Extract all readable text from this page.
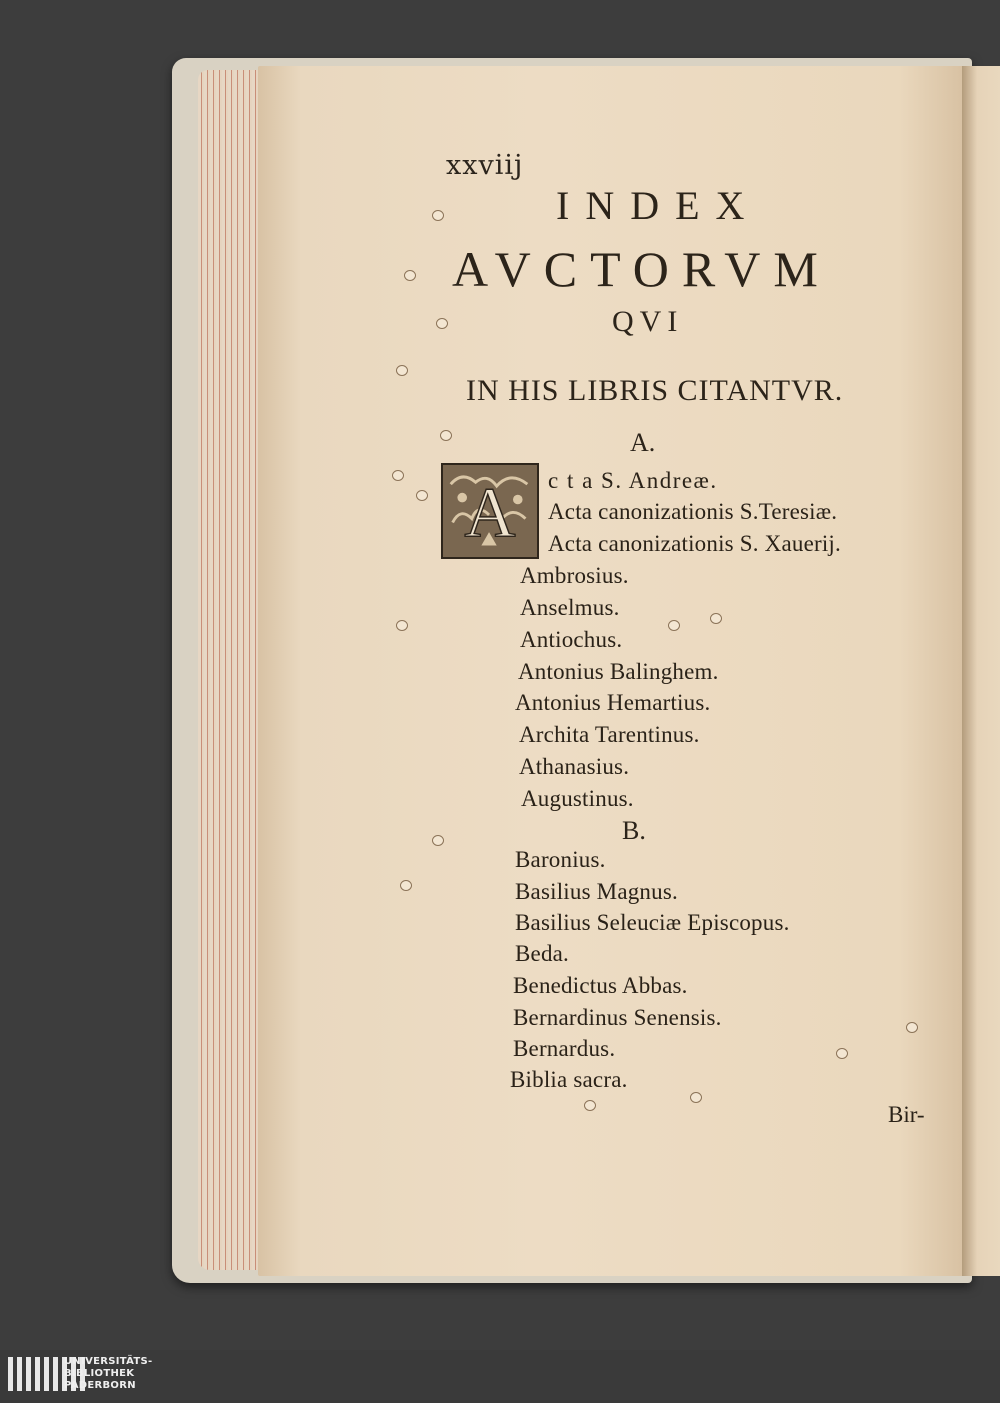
xxviij
INDEX
AVCTORVM
QVI
IN HIS LIBRIS CITANTVR.
A.
A c t a S. Andreæ.
Acta canonizationis S.Teresiæ.
Acta canonizationis S. Xauerij.
Ambrosius.
Anselmus.
Antiochus.
Antonius Balinghem.
Antonius Hemartius.
Archita Tarentinus.
Athanasius.
Augustinus.
B.
Baronius.
Basilius Magnus.
Basilius Seleuciæ Episcopus.
Beda.
Benedictus Abbas.
Bernardinus Senensis.
Bernardus.
Biblia sacra.
Bir-
UNIVERSITÄTS-
BIBLIOTHEK
PADERBORN
